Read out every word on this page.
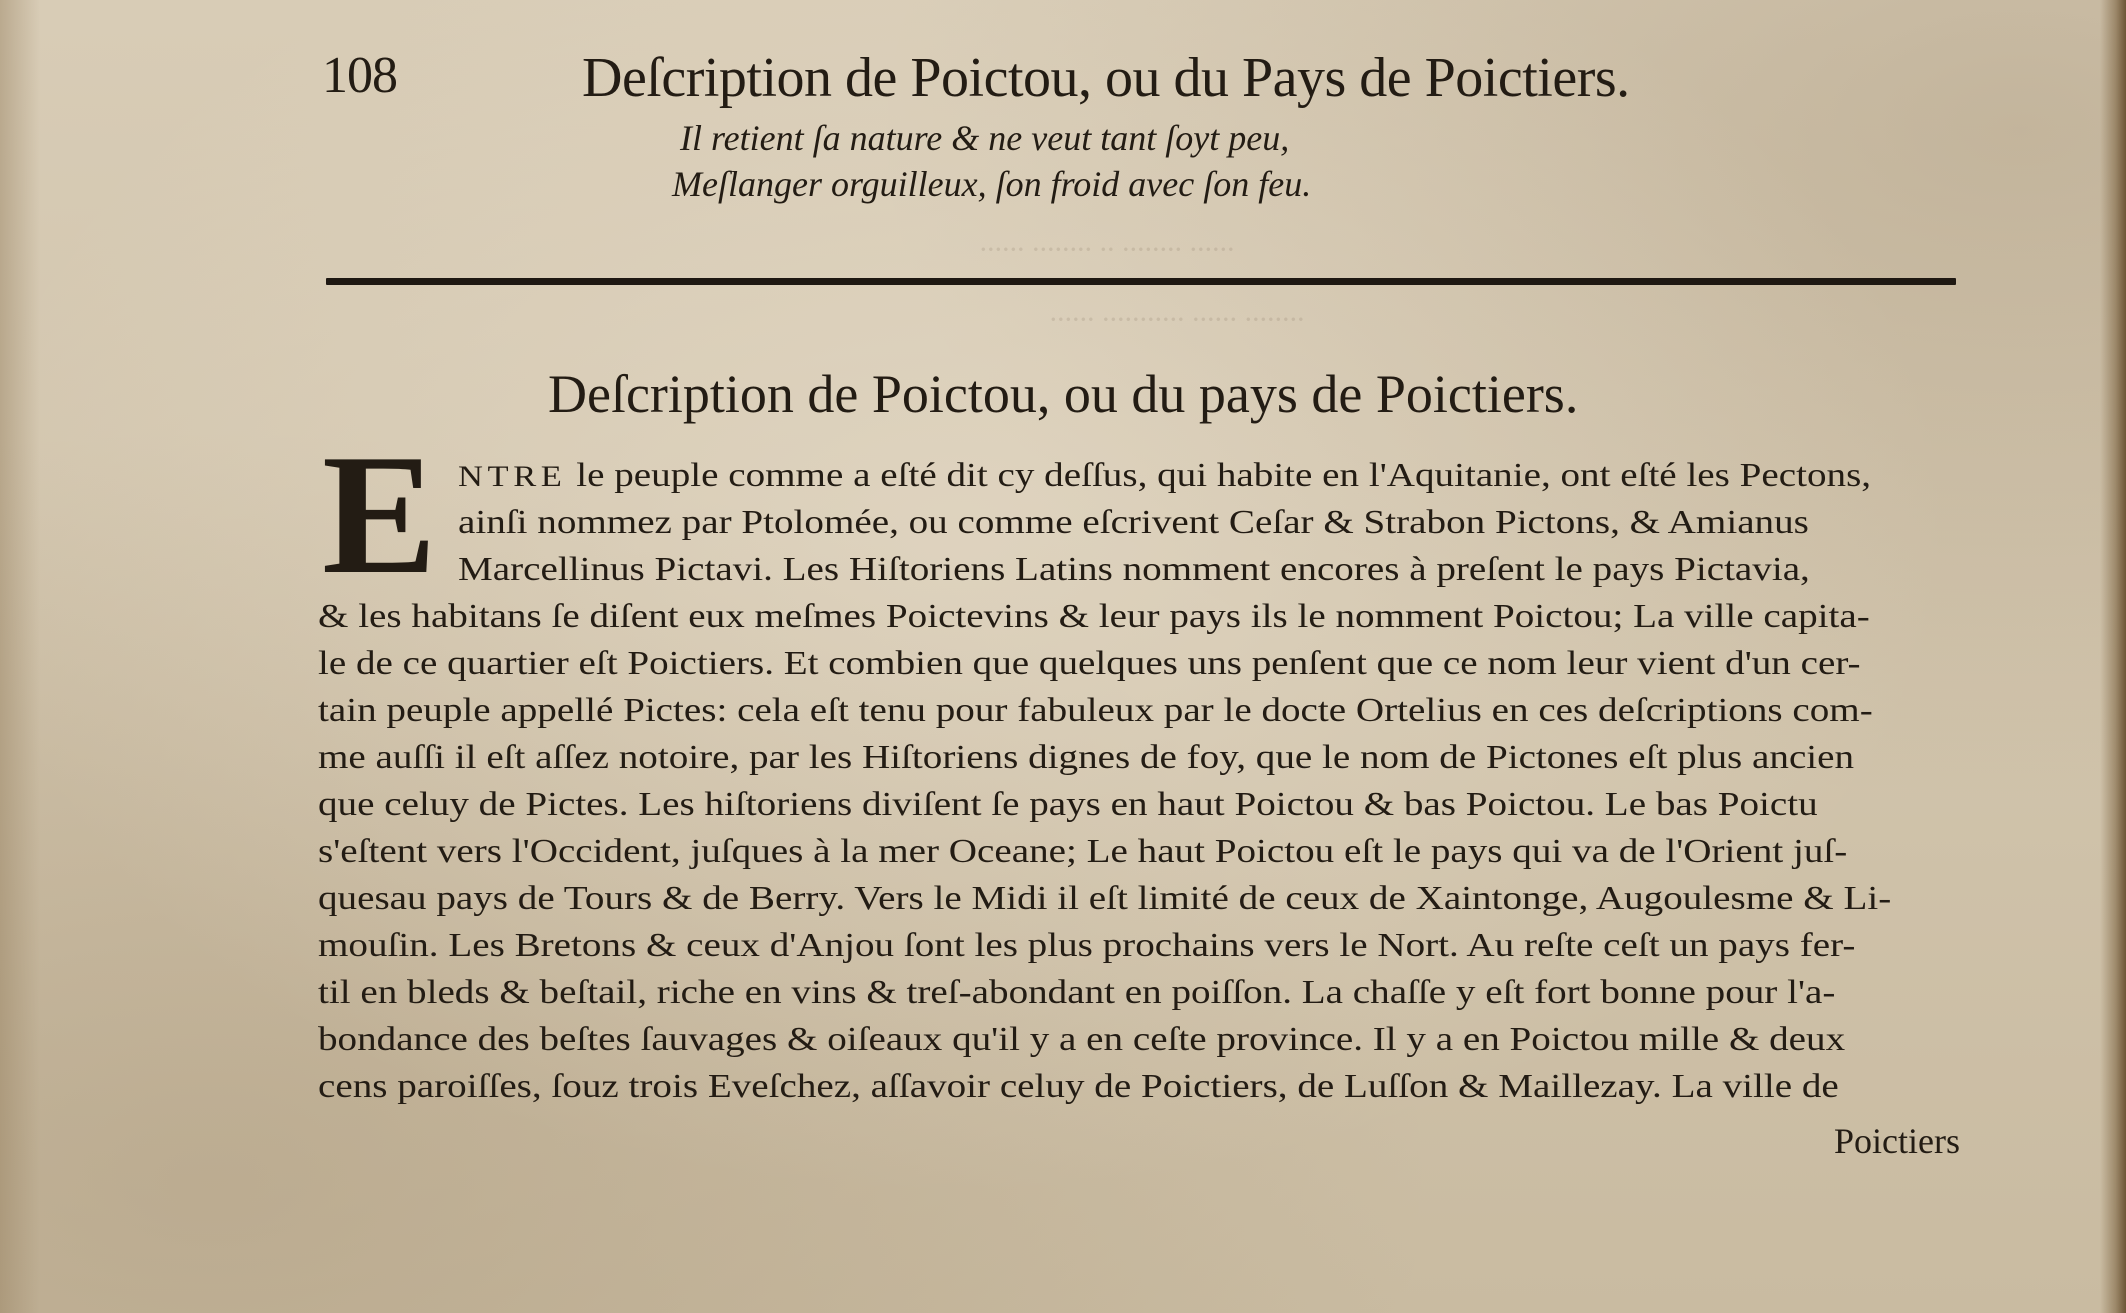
······ ········ ·· ········ ······
········ ······ ··········· ······
108	Deſcription de Poictou, ou du Pays de Poictiers.
Il retient ſa nature & ne veut tant ſoyt peu,
Meſlanger orguilleux, ſon froid avec ſon feu.
Deſcription de Poictou, ou du pays de Poictiers.
E NTRE le peuple comme a eſté dit cy deſſus, qui habite en l'Aquitanie, ont eſté les Pectons,
ainſi nommez par Ptolomée, ou comme eſcrivent Ceſar & Strabon Pictons, & Amianus
Marcellinus Pictavi. Les Hiſtoriens Latins nomment encores à preſent le pays Pictavia,
& les habitans ſe diſent eux meſmes Poictevins & leur pays ils le nomment Poictou; La ville capita-
le de ce quartier eſt Poictiers. Et combien que quelques uns penſent que ce nom leur vient d'un cer-
tain peuple appellé Pictes: cela eſt tenu pour fabuleux par le docte Ortelius en ces deſcriptions com-
me auſſi il eſt aſſez notoire, par les Hiſtoriens dignes de foy, que le nom de Pictones eſt plus ancien
que celuy de Pictes. Les hiſtoriens diviſent ſe pays en haut Poictou & bas Poictou. Le bas Poictu
s'eſtent vers l'Occident, juſques à la mer Oceane; Le haut Poictou eſt le pays qui va de l'Orient juſ-
quesau pays de Tours & de Berry. Vers le Midi il eſt limité de ceux de Xaintonge, Augoulesme & Li-
mouſin. Les Bretons & ceux d'Anjou ſont les plus prochains vers le Nort. Au reſte ceſt un pays fer-
til en bleds & beſtail, riche en vins & treſ-abondant en poiſſon. La chaſſe y eſt fort bonne pour l'a-
bondance des beſtes ſauvages & oiſeaux qu'il y a en ceſte province. Il y a en Poictou mille & deux
cens paroiſſes, ſouz trois Eveſchez, aſſavoir celuy de Poictiers, de Luſſon & Maillezay. La ville de
Poictiers
